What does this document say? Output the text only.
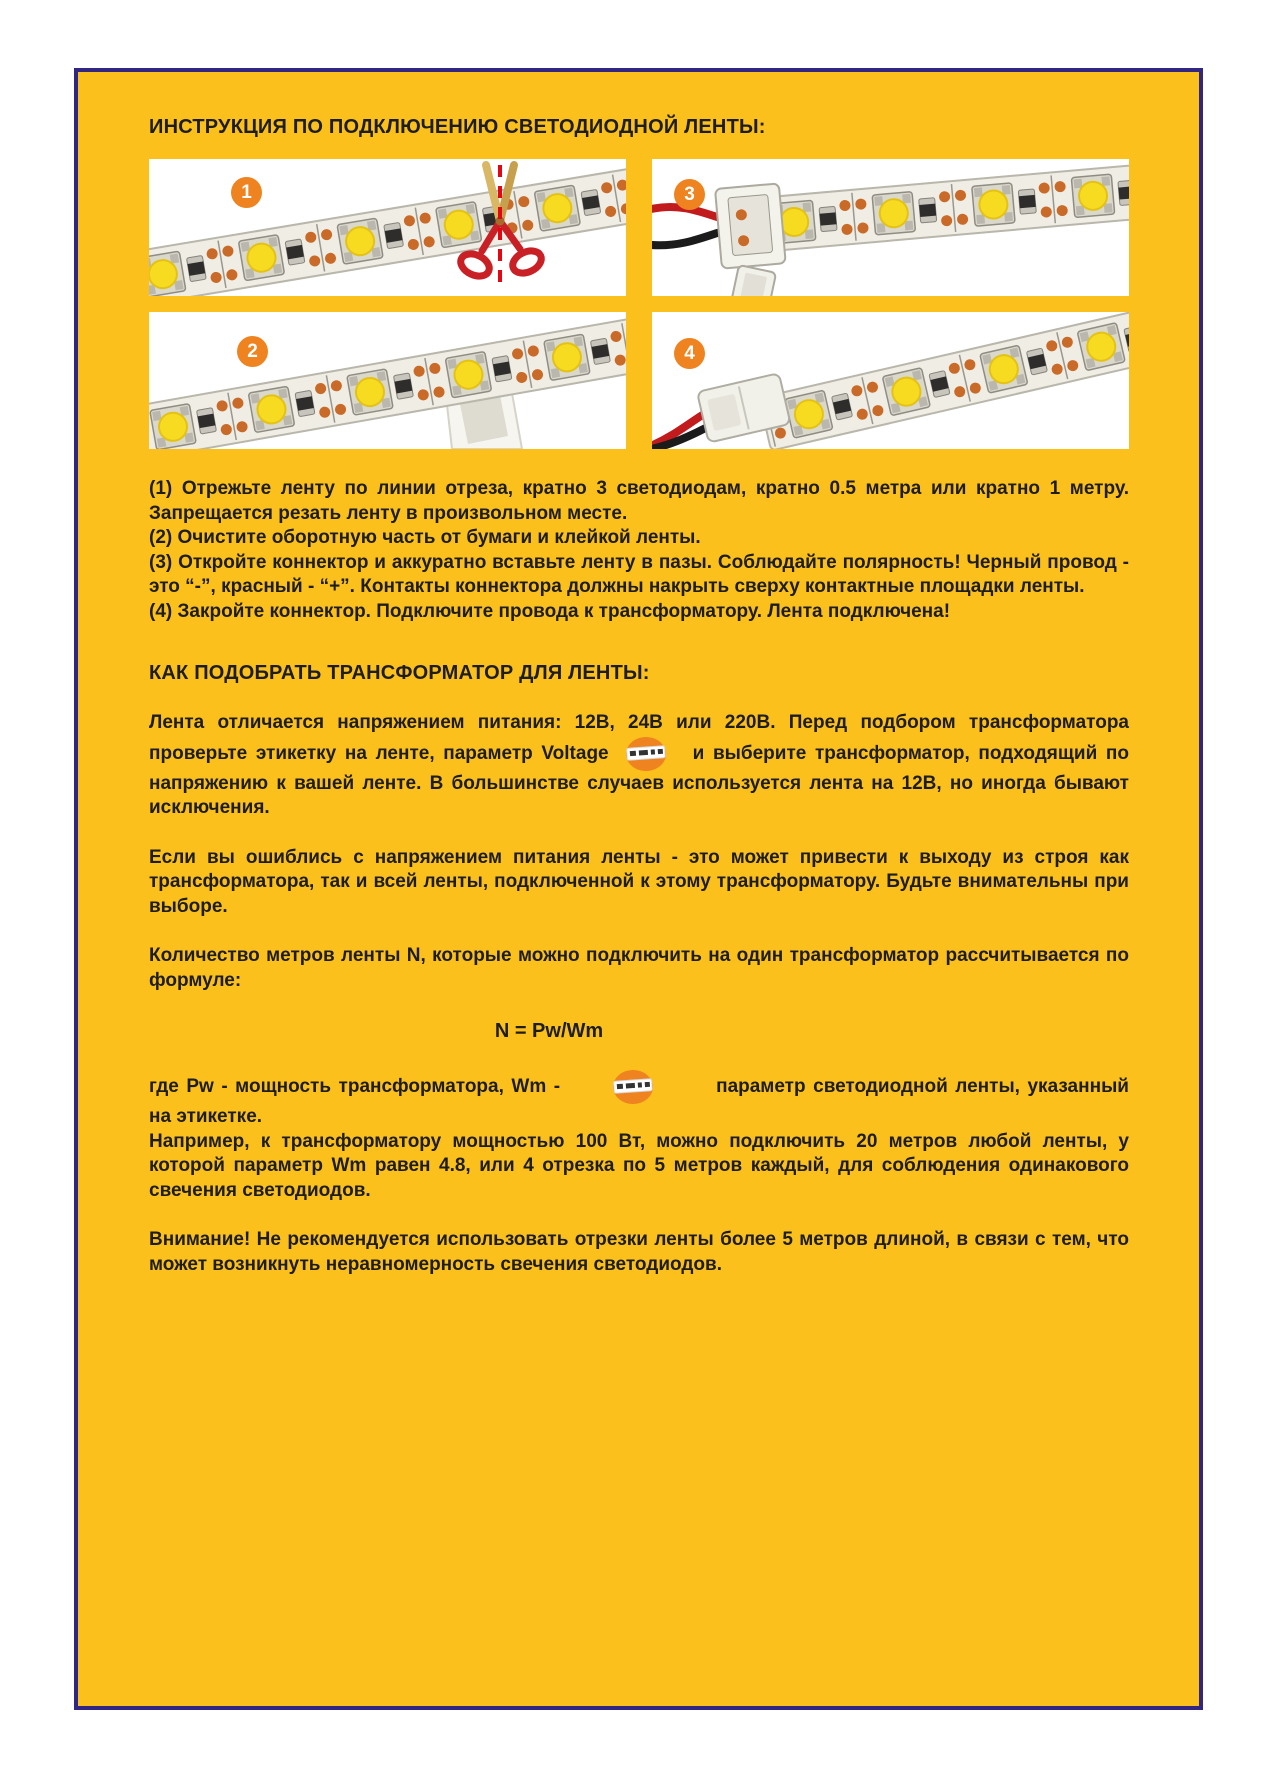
ИНСТРУКЦИЯ ПО ПОДКЛЮЧЕНИЮ СВЕТОДИОДНОЙ ЛЕНТЫ:
1	3
2	4

(1) Отрежьте ленту по линии отреза, кратно 3 светодиодам, кратно 0.5 метра или кратно 1 метру. Запрещается резать ленту в произвольном месте.

(2) Очистите оборотную часть от бумаги и клейкой ленты.

(3) Откройте коннектор и аккуратно вставьте ленту в пазы. Соблюдайте полярность! Черный провод - это “-”, красный - “+”. Контакты коннектора должны накрыть сверху контактные площадки ленты.

(4) Закройте коннектор. Подключите провода к трансформатору. Лента подключена!

КАК ПОДОБРАТЬ ТРАНСФОРМАТОР ДЛЯ ЛЕНТЫ:

Лента отличается напряжением питания: 12В, 24В или 220В. Перед подбором трансформатора проверьте этикетку на ленте, параметр Voltage	и выберите трансформатор, подходящий по напряжению к вашей ленте. В большинстве случаев используется лента на 12В, но иногда бывают исключения.

Если вы ошиблись с напряжением питания ленты - это может привести к выходу из строя как трансформатора, так и всей ленты, подключенной к этому трансформатору. Будьте внимательны при выборе.

Количество метров ленты N, которые можно подключить на один трансформатор рассчитывается по формуле:

N = Pw/Wm

где Pw - мощность трансформатора, Wm -	параметр светодиодной ленты, указанный на этикетке.

Например, к трансформатору мощностью 100 Вт, можно подключить 20 метров любой ленты, у которой параметр Wm равен 4.8, или 4 отрезка по 5 метров каждый, для соблюдения одинакового свечения светодиодов.

Внимание! Не рекомендуется использовать отрезки ленты более 5 метров длиной, в связи с тем, что может возникнуть неравномерность свечения светодиодов.
